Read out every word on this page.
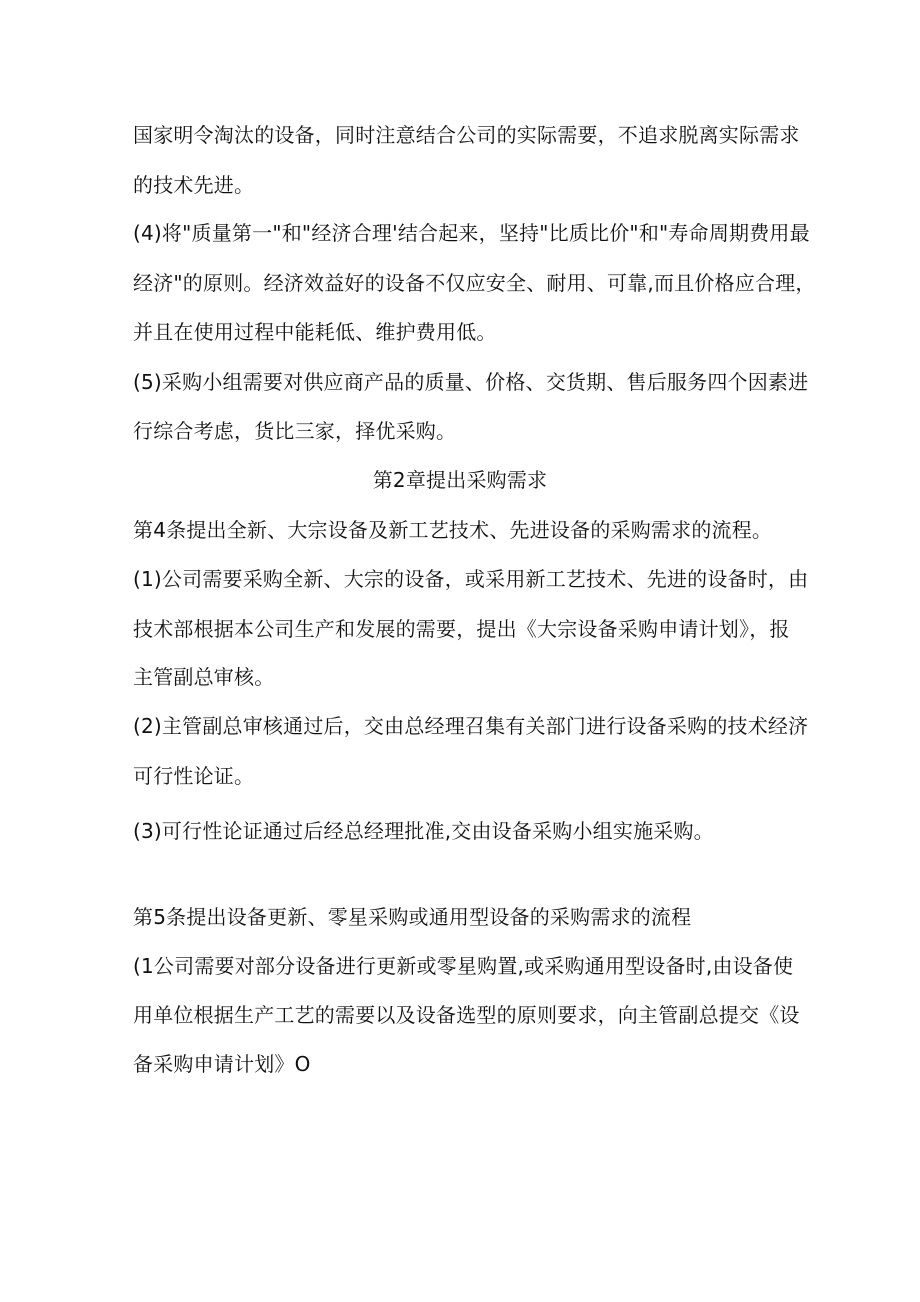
国家明令淘汰的设备，同时注意结合公司的实际需要，不追求脱离实际需求
的技术先进。
(4)将"质量第一"和"经济合理'结合起来，坚持"比质比价"和"寿命周期费用最
经济"的原则。经济效益好的设备不仅应安全、耐用、可靠,而且价格应合理，
并且在使用过程中能耗低、维护费用低。
(5)采购小组需要对供应商产品的质量、价格、交货期、售后服务四个因素进
行综合考虑，货比三家，择优采购。
第2章提出采购需求
第4条提出全新、大宗设备及新工艺技术、先进设备的采购需求的流程。
(1)公司需要采购全新、大宗的设备，或采用新工艺技术、先进的设备时，由
技术部根据本公司生产和发展的需要，提出《大宗设备采购申请计划》，报
主管副总审核。
(2)主管副总审核通过后，交由总经理召集有关部门进行设备采购的技术经济
可行性论证。
(3)可行性论证通过后经总经理批准,交由设备采购小组实施采购。
第5条提出设备更新、零星采购或通用型设备的采购需求的流程
(1公司需要对部分设备进行更新或零星购置,或采购通用型设备时,由设备使
用单位根据生产工艺的需要以及设备选型的原则要求，向主管副总提交《设
备采购申请计划》O
